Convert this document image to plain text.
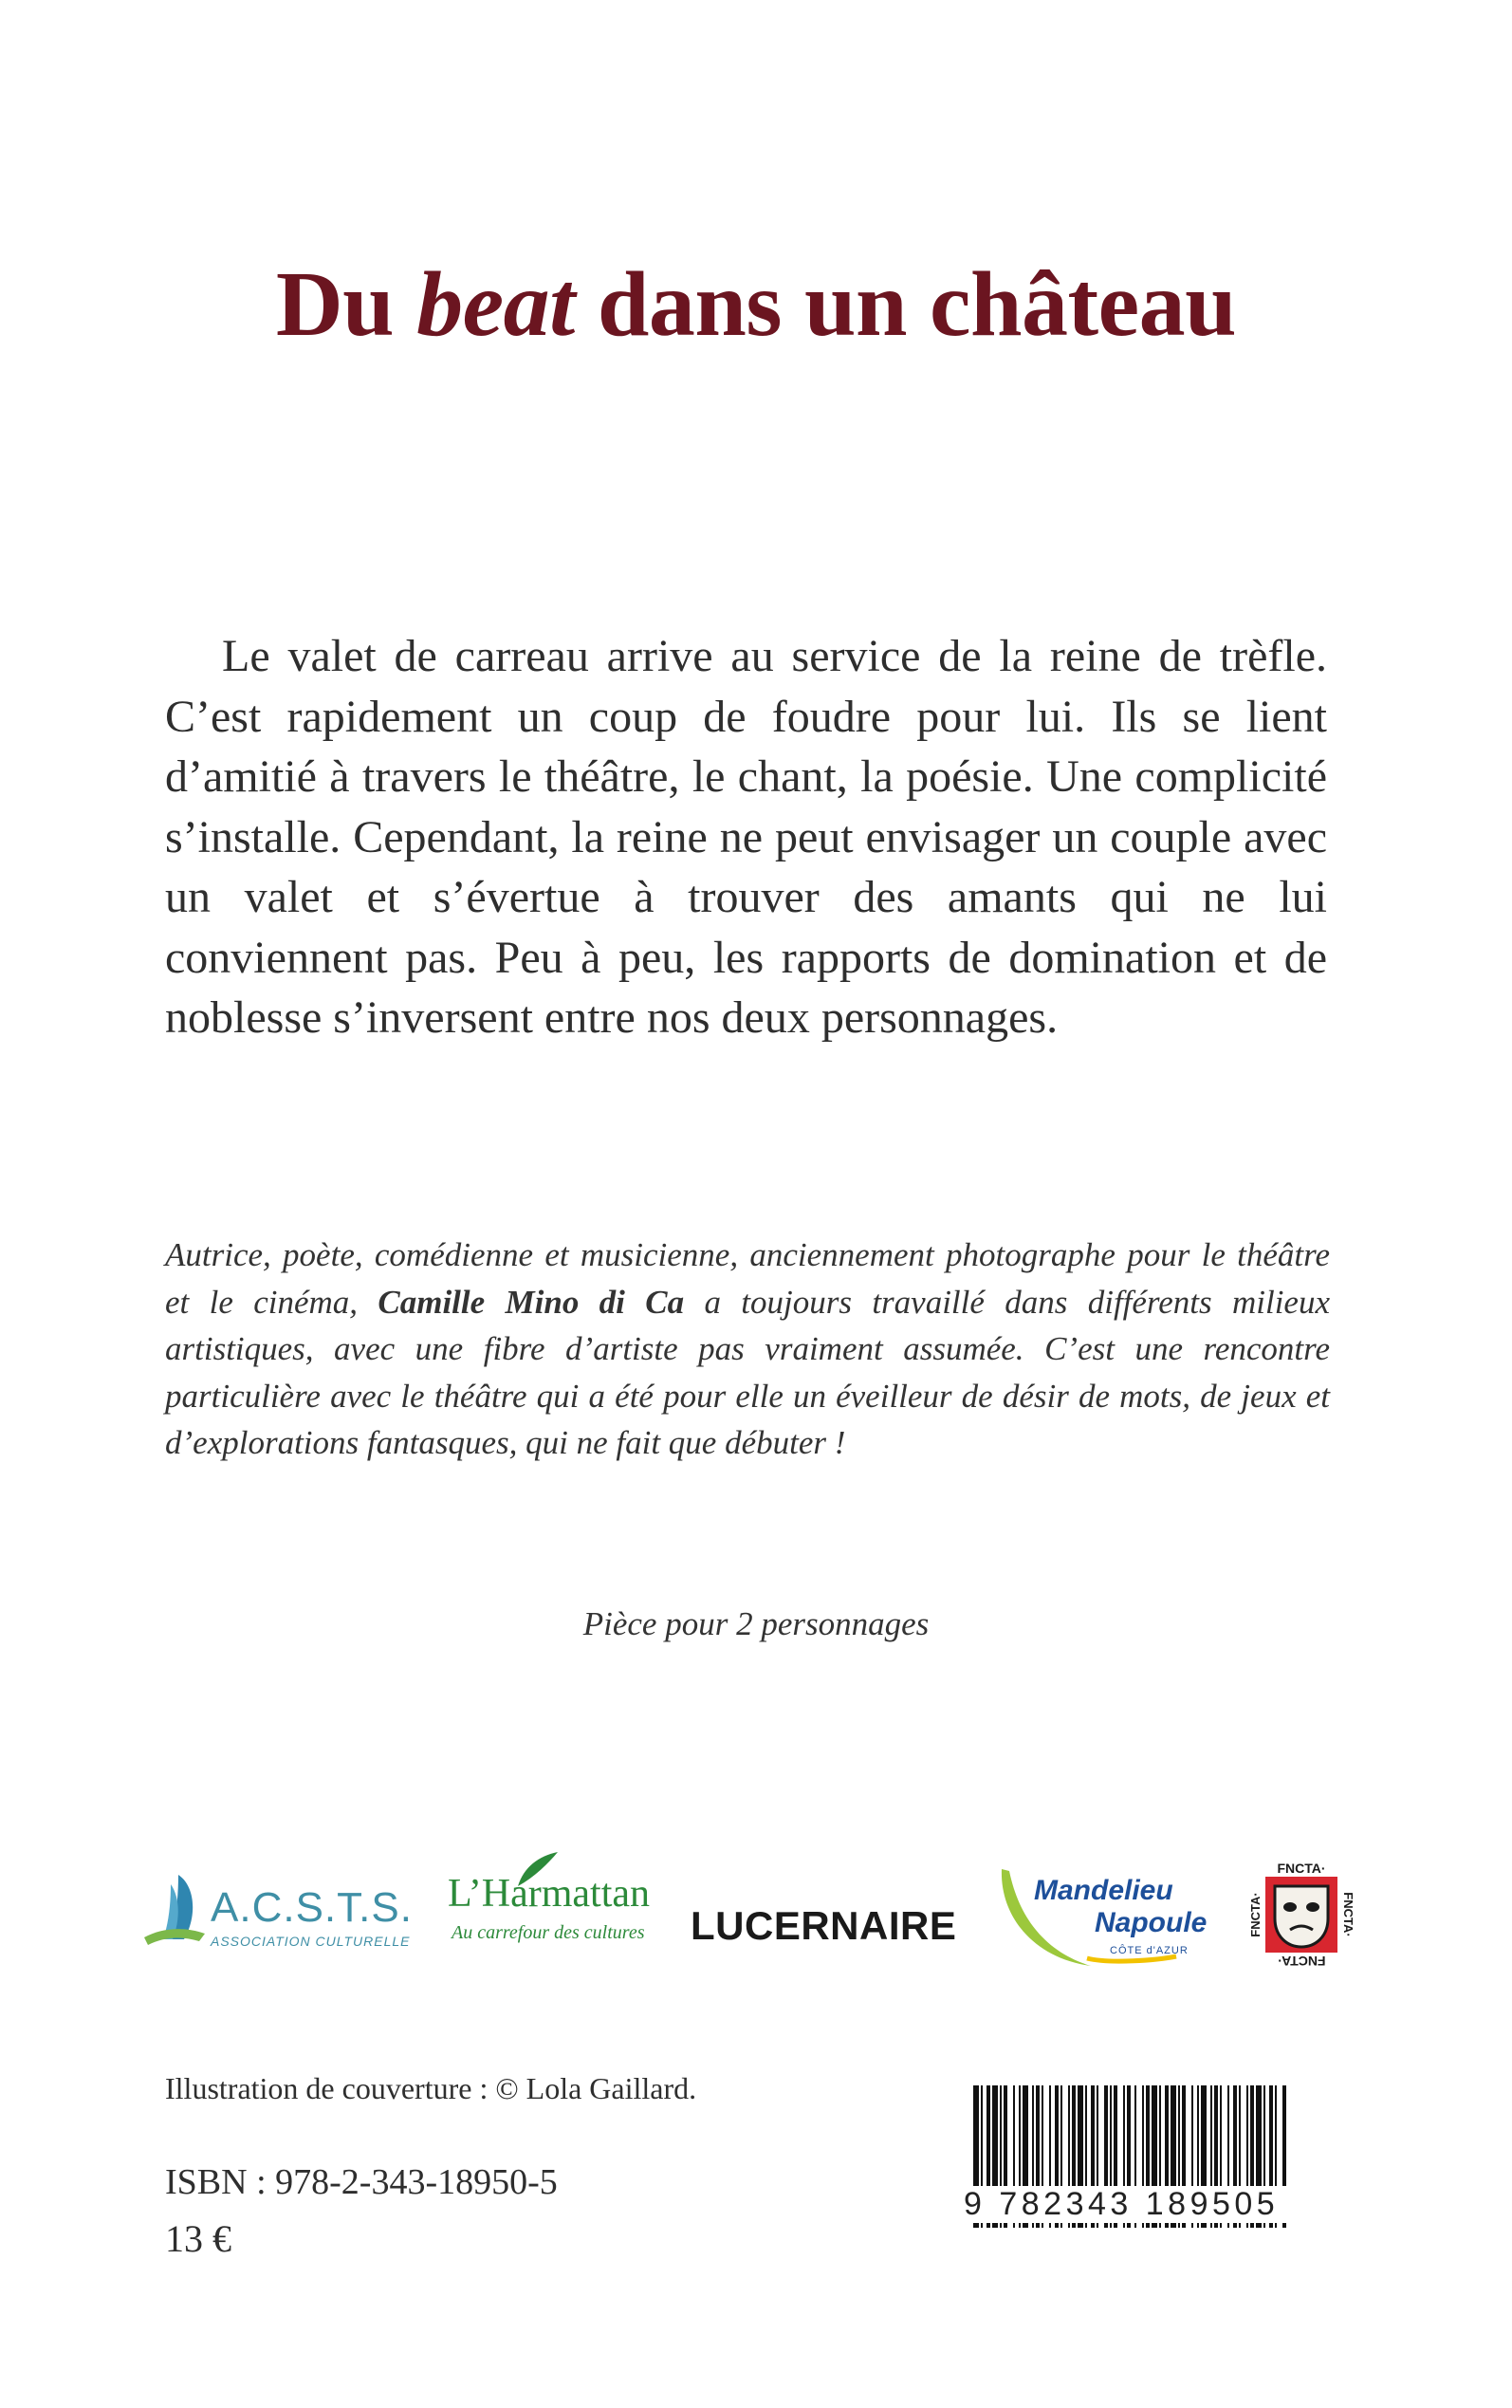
Du beat dans un château

Le valet de carreau arrive au service de la reine de trèfle. C’est rapidement un coup de foudre pour lui. Ils se lient d’amitié à travers le théâtre, le chant, la poésie. Une complicité s’installe. Cependant, la reine ne peut envisager un couple avec un valet et s’évertue à trouver des amants qui ne lui conviennent pas. Peu à peu, les rapports de domination et de noblesse s’inversent entre nos deux personnages.

Autrice, poète, comédienne et musicienne, anciennement photographe pour le théâtre et le cinéma, Camille Mino di Ca a toujours travaillé dans différents milieux artistiques, avec une fibre d’artiste pas vraiment assumée. C’est une rencontre particulière avec le théâtre qui a été pour elle un éveilleur de désir de mots, de jeux et d’explorations fantasques, qui ne fait que débuter !

Pièce pour 2 personnages
A.C.S.T.S.
ASSOCIATION CULTURELLE
L’Harmattan
Au carrefour des cultures LUCERNAIRE
Mandelieu
Napoule
CÔTE d'AZUR
FNCTA·
FNCTA·
FNCTA·	FNCTA·
Illustration de couverture : © Lola Gaillard.
ISBN : 978-2-343-18950-5
13 €
9 782343 189505
